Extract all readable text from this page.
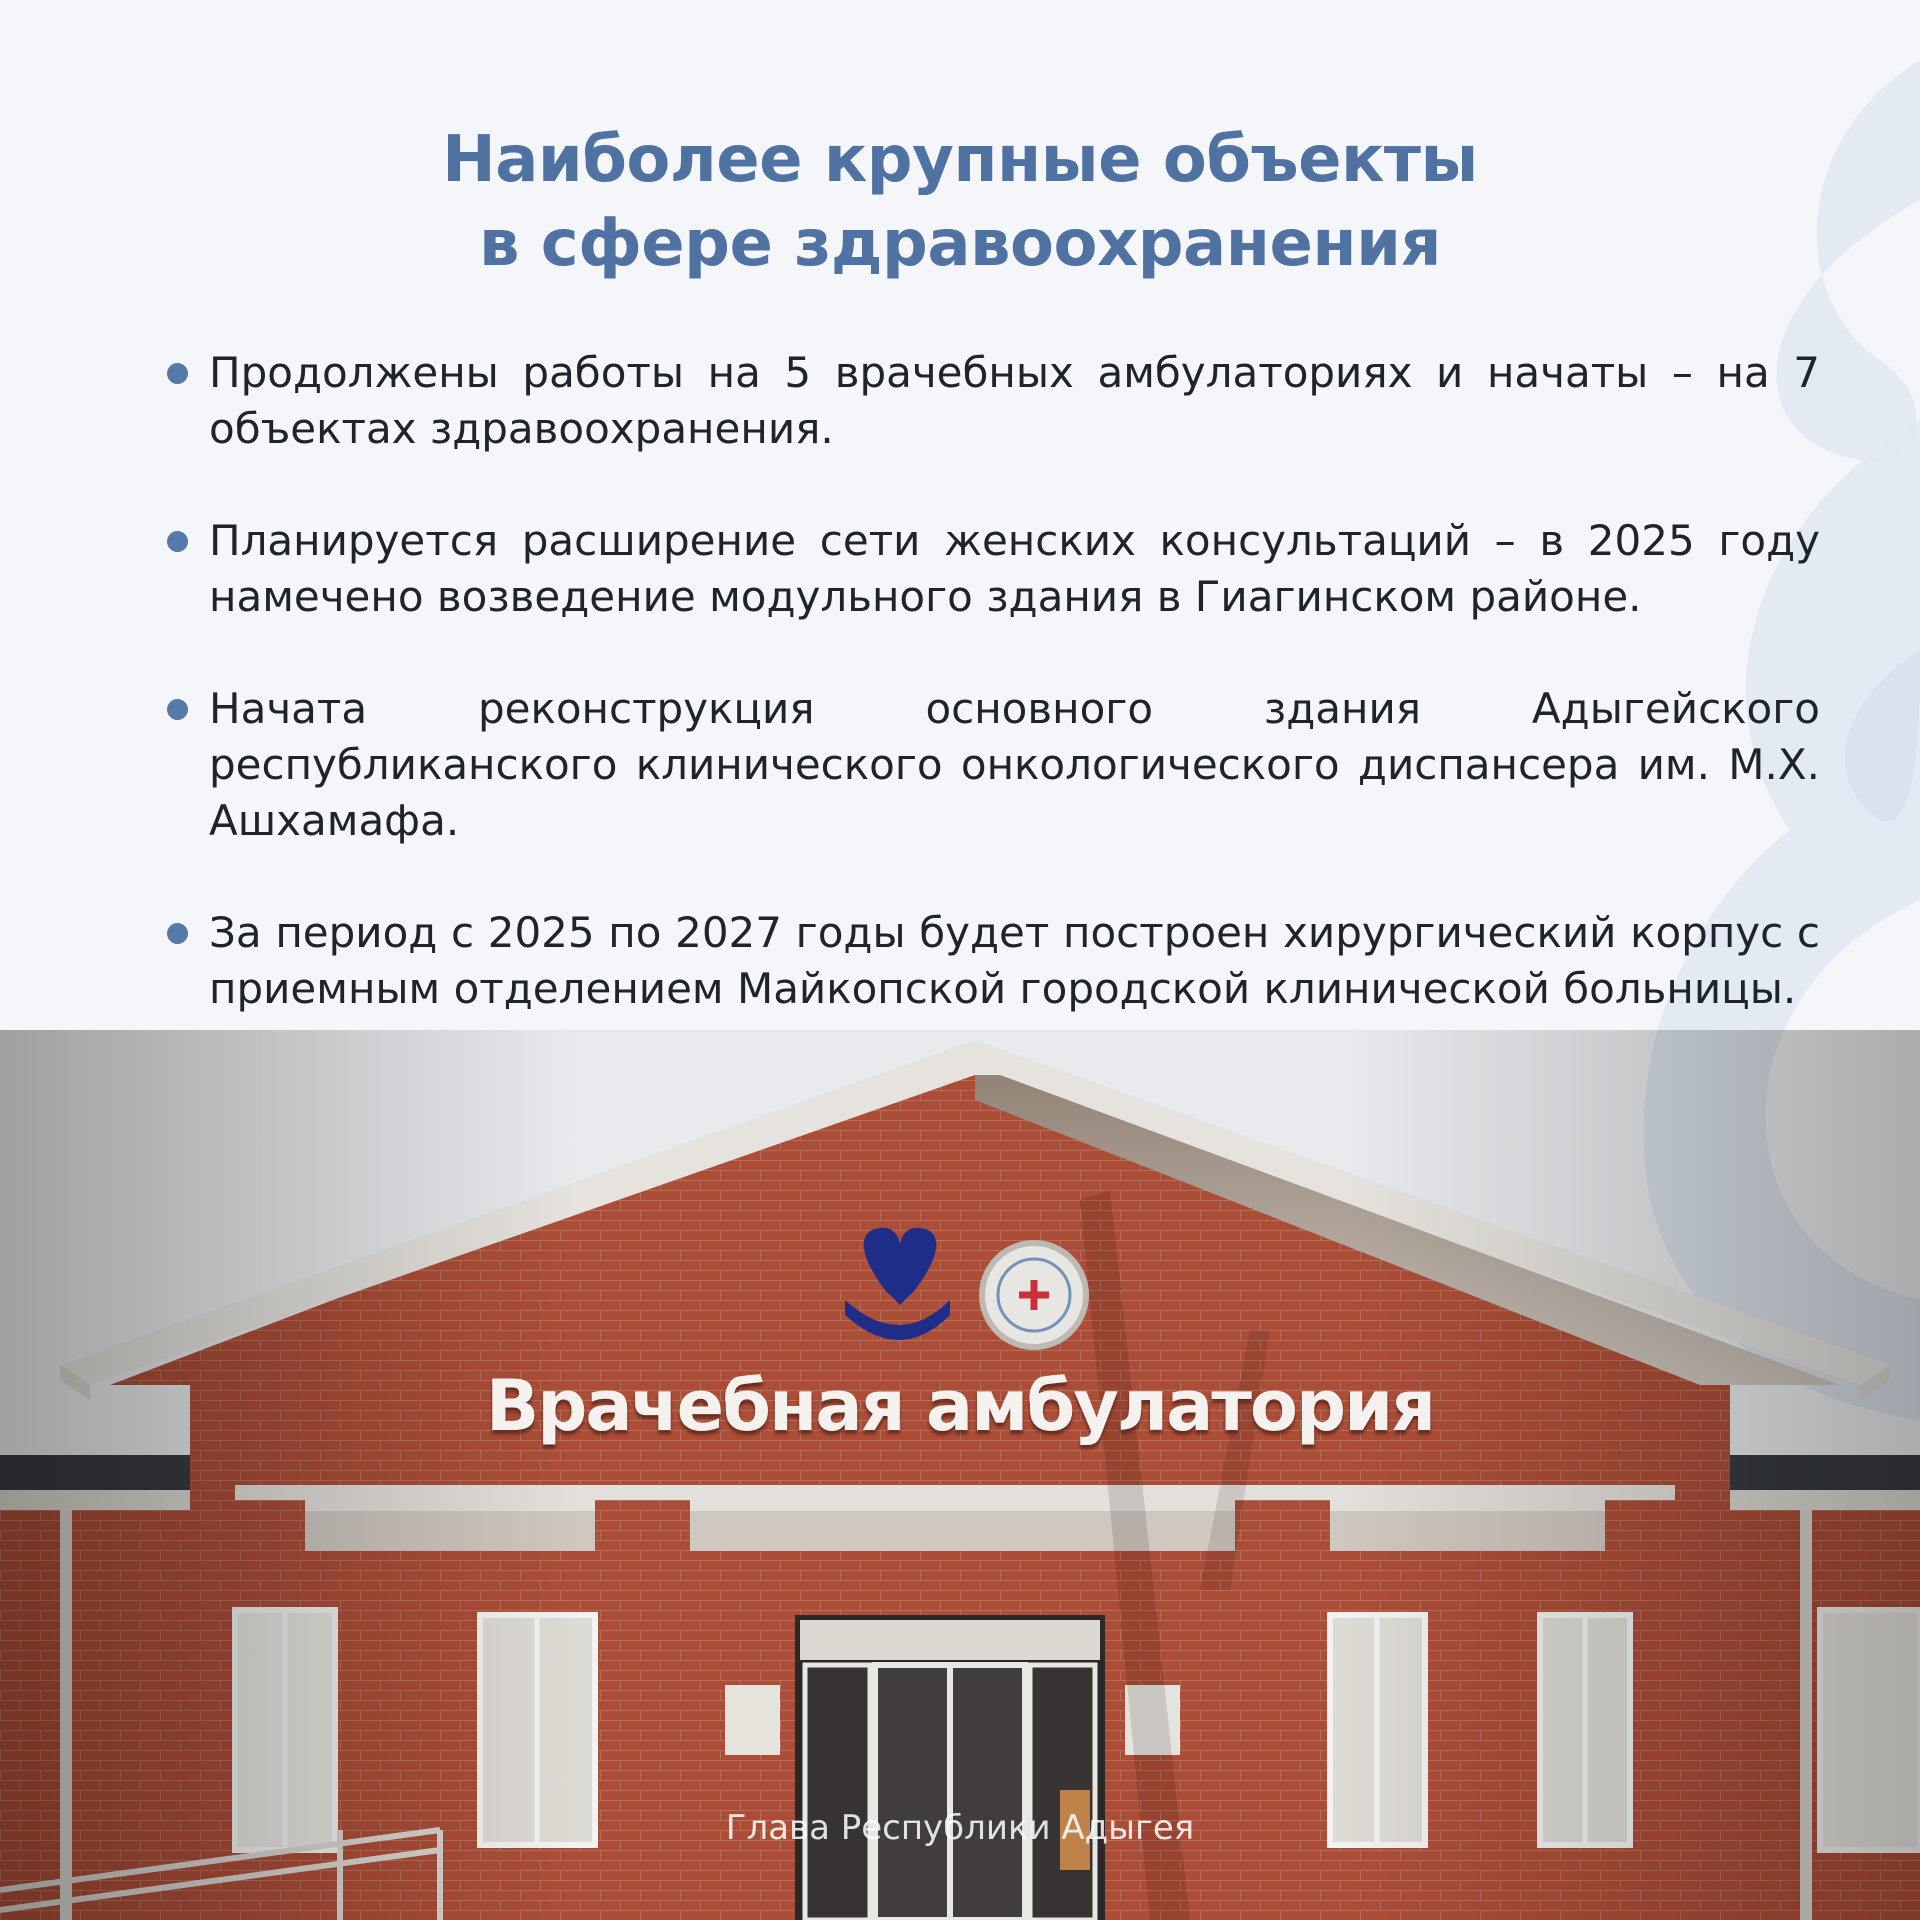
Наиболее крупные объекты
в сфере здравоохранения
Продолжены работы на 5 врачебных амбулаториях и начаты – на 7 объектах здравоохранения.
Планируется расширение сети женских консультаций – в 2025 году намечено возведение модульного здания в Гиагинском районе.
Начата реконструкция основного здания Адыгейского республиканского клинического онкологического диспансера им. М.Х. Ашхамафа.
За период с 2025 по 2027 годы будет построен хирургический корпус с приемным отделением Майкопской городской клинической больницы.
Врачебная амбулатория
Глава Республики Адыгея
